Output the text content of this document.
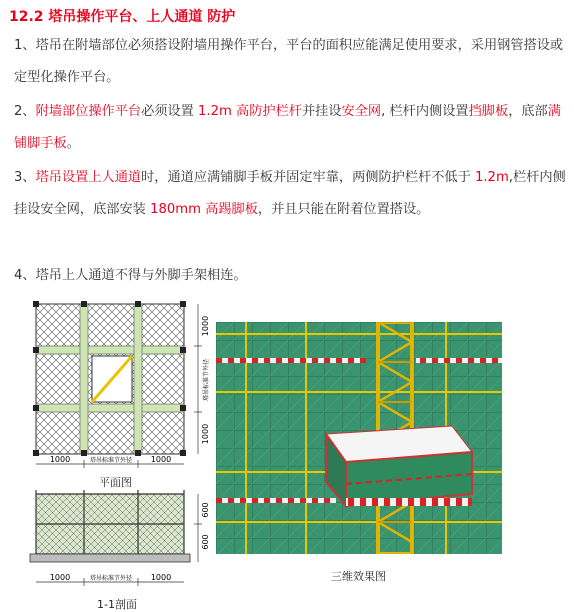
12.2 塔吊操作平台、上人通道 防护
1、塔吊在附墙部位必须搭设附墙用操作平台，平台的面积应能满足使用要求，采用钢管搭设或定型化操作平台。
2、附墙部位操作平台必须设置 1.2m 高防护栏杆并挂设安全网, 栏杆内侧设置挡脚板，底部满铺脚手板。
3、塔吊设置上人通道时，通道应满铺脚手板并固定牢靠，两侧防护栏杆不低于 1.2m,栏杆内侧挂设安全网，底部安装 180mm 高踢脚板，并且只能在附着位置搭设。
4、塔吊上人通道不得与外脚手架相连。
1000
塔吊标准节外径
1000
1000	塔吊标准节外径 1000
平面图
600
600
1000	塔吊标准节外径 1000
1-1剖面
三维效果图
